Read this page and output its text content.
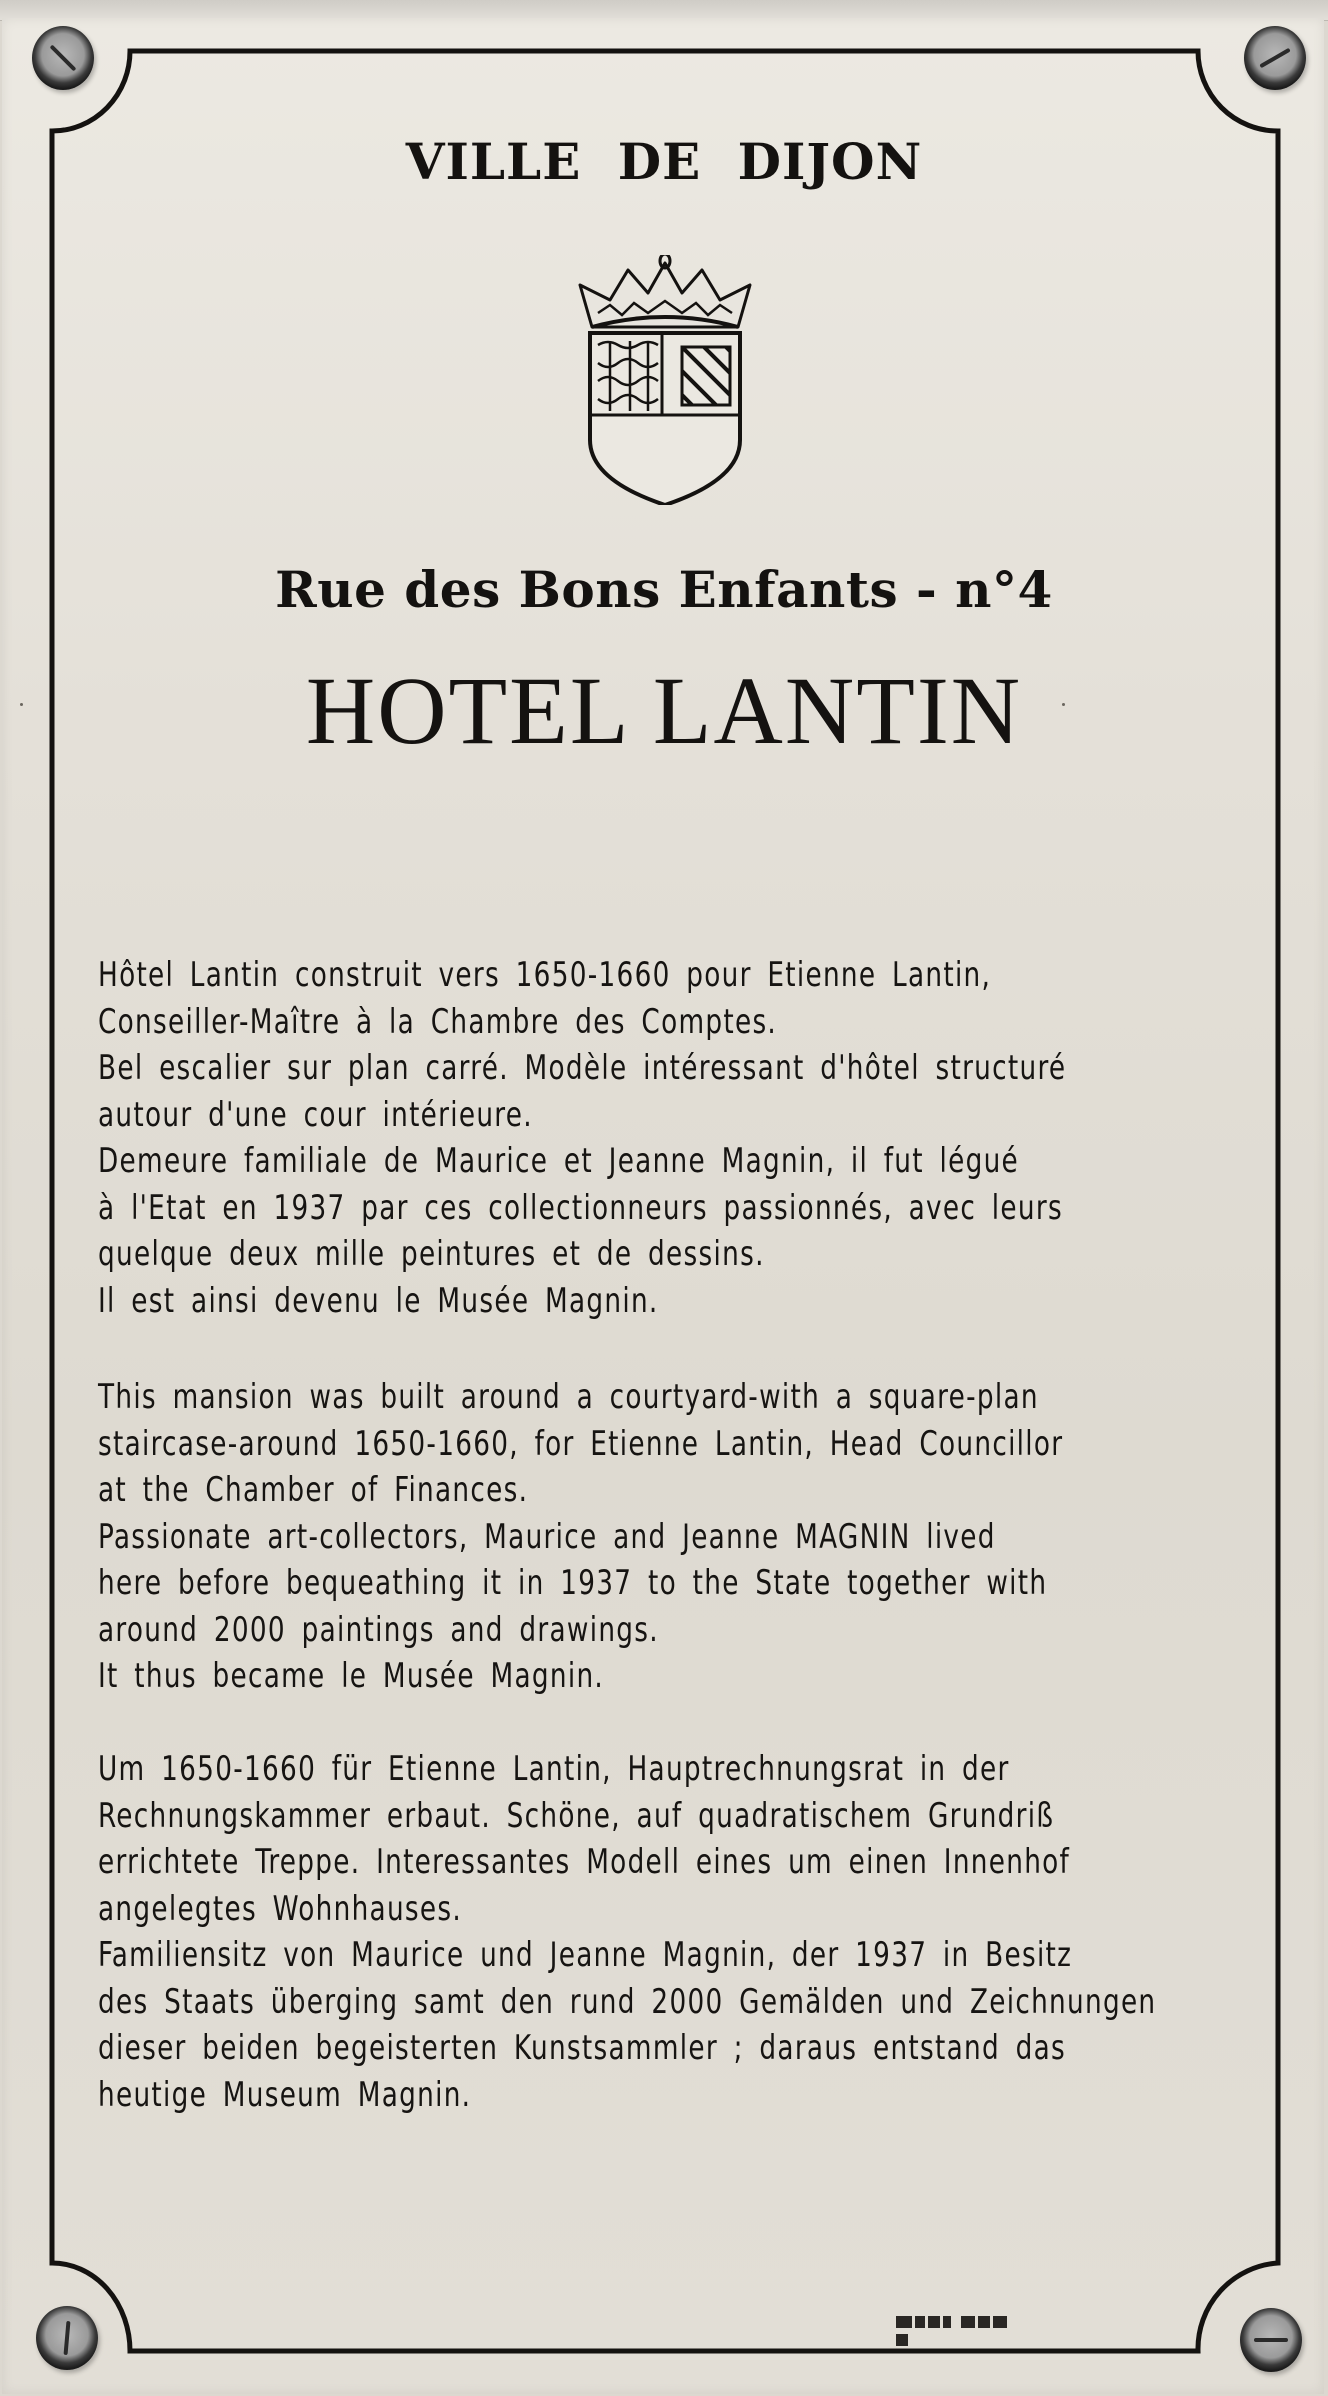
VILLE DE DIJON
Rue des Bons Enfants - n°4
HOTEL LANTIN
Hôtel Lantin construit vers 1650-1660 pour Etienne Lantin,
Conseiller-Maître à la Chambre des Comptes.
Bel escalier sur plan carré. Modèle intéressant d'hôtel structuré
autour d'une cour intérieure.
Demeure familiale de Maurice et Jeanne Magnin, il fut légué
à l'Etat en 1937 par ces collectionneurs passionnés, avec leurs
quelque deux mille peintures et de dessins.
Il est ainsi devenu le Musée Magnin.
This mansion was built around a courtyard-with a square-plan
staircase-around 1650-1660, for Etienne Lantin, Head Councillor
at the Chamber of Finances.
Passionate art-collectors, Maurice and Jeanne MAGNIN lived
here before bequeathing it in 1937 to the State together with
around 2000 paintings and drawings.
It thus became le Musée Magnin.
Um 1650-1660 für Etienne Lantin, Hauptrechnungsrat in der
Rechnungskammer erbaut. Schöne, auf quadratischem Grundriß
errichtete Treppe. Interessantes Modell eines um einen Innenhof
angelegtes Wohnhauses.
Familiensitz von Maurice und Jeanne Magnin, der 1937 in Besitz
des Staats überging samt den rund 2000 Gemälden und Zeichnungen
dieser beiden begeisterten Kunstsammler ; daraus entstand das
heutige Museum Magnin.
